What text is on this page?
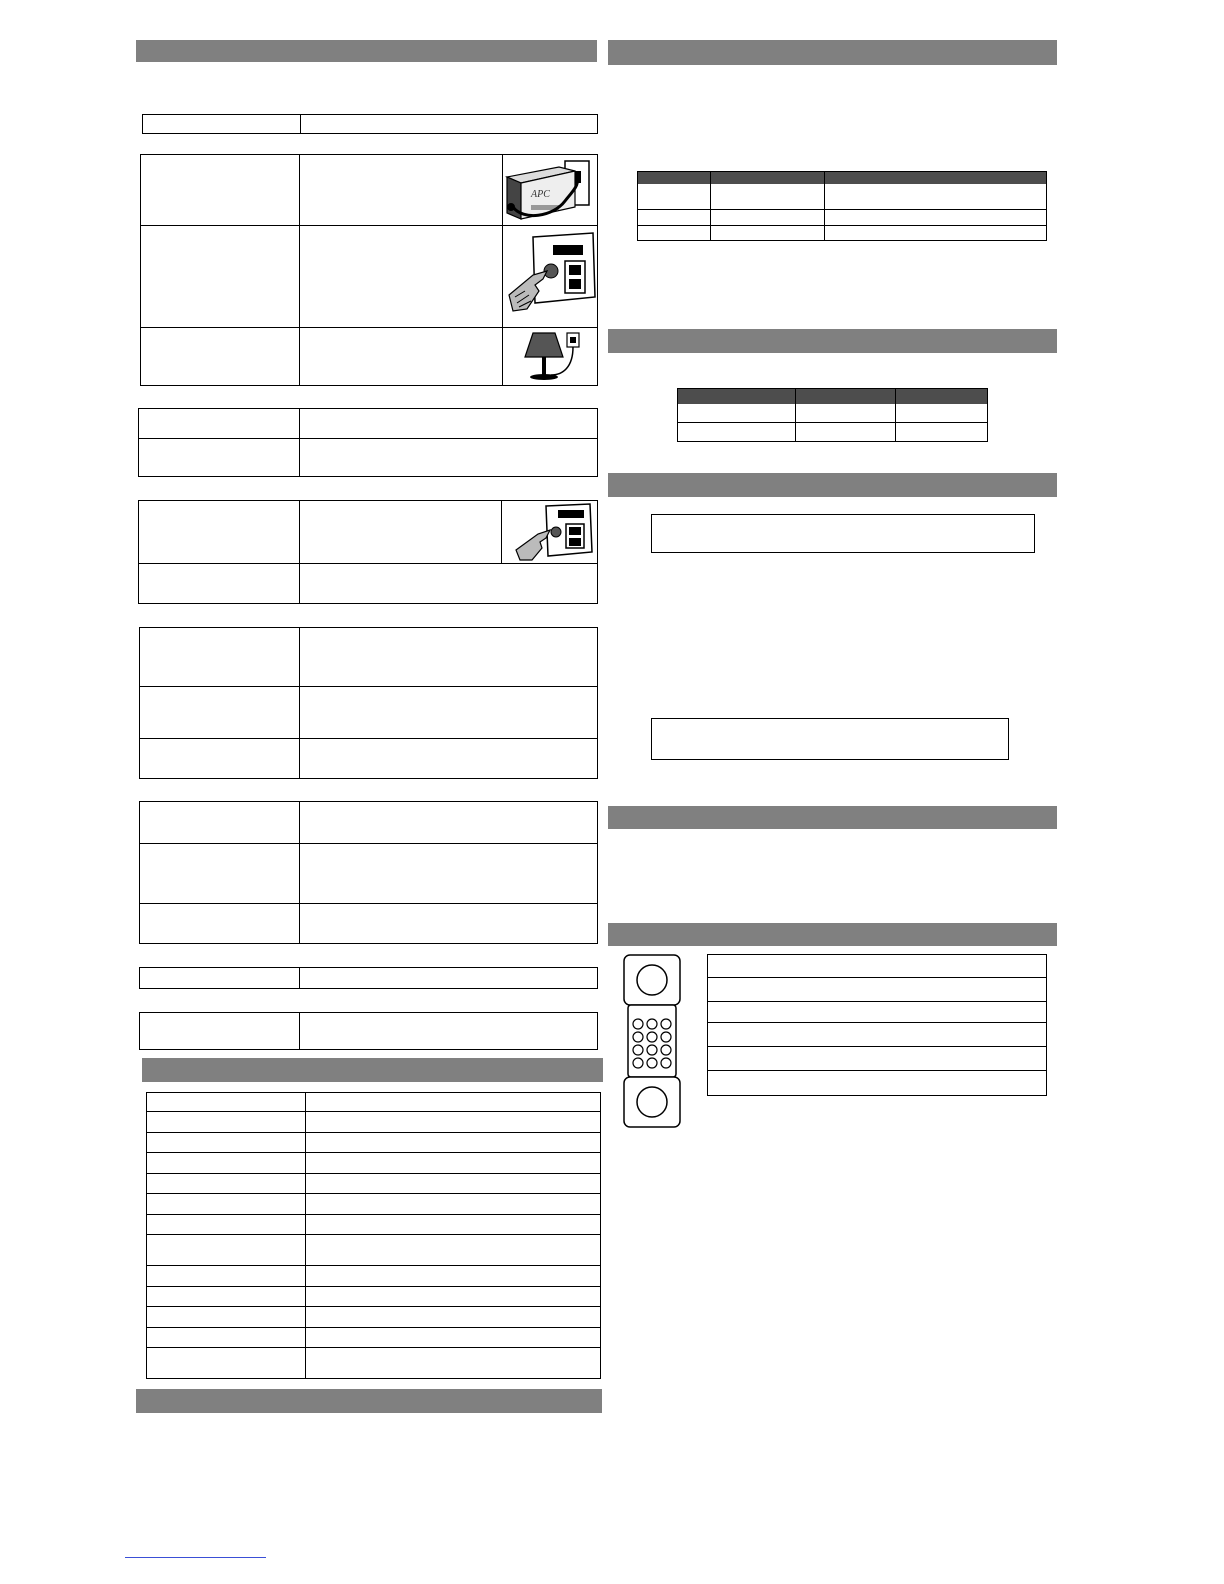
APC
